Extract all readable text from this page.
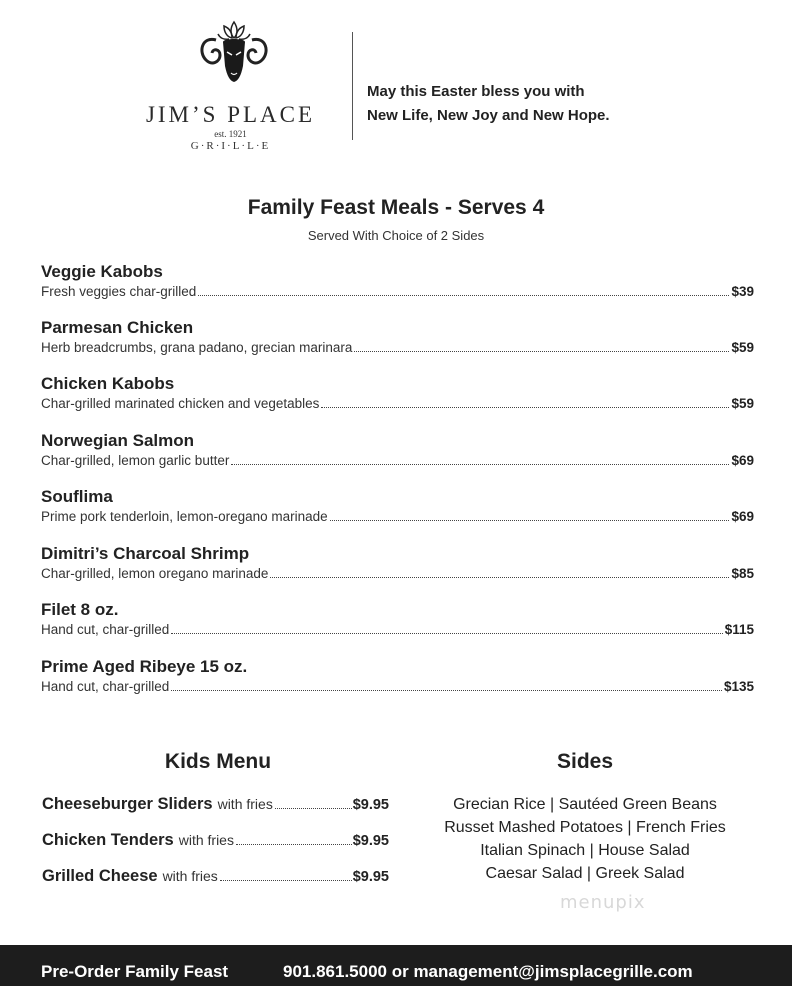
JIM’S PLACE
est. 1921
G·R·I·L·L·E
May this Easter bless you with
New Life, New Joy and New Hope.
Family Feast Meals - Serves 4
Served With Choice of 2 Sides
Veggie Kabobs
Fresh veggies char-grilled	$39
Parmesan Chicken
Herb breadcrumbs, grana padano, grecian marinara	$59
Chicken Kabobs
Char-grilled marinated chicken and vegetables	$59
Norwegian Salmon
Char-grilled, lemon garlic butter	$69
Souflima
Prime pork tenderloin, lemon-oregano marinade	$69
Dimitri’s Charcoal Shrimp
Char-grilled, lemon oregano marinade	$85
Filet 8 oz.
Hand cut, char-grilled	$115
Prime Aged Ribeye 15 oz.
Hand cut, char-grilled	$135
Kids Menu
Cheeseburger Sliders with fries	$9.95
Chicken Tenders with fries	$9.95
Grilled Cheese with fries	$9.95
Sides
Grecian Rice | Sautéed Green Beans
Russet Mashed Potatoes | French Fries
Italian Spinach | House Salad
Caesar Salad | Greek Salad
menupix
Pre-Order Family Feast	901.861.5000 or management@jimsplacegrille.com
